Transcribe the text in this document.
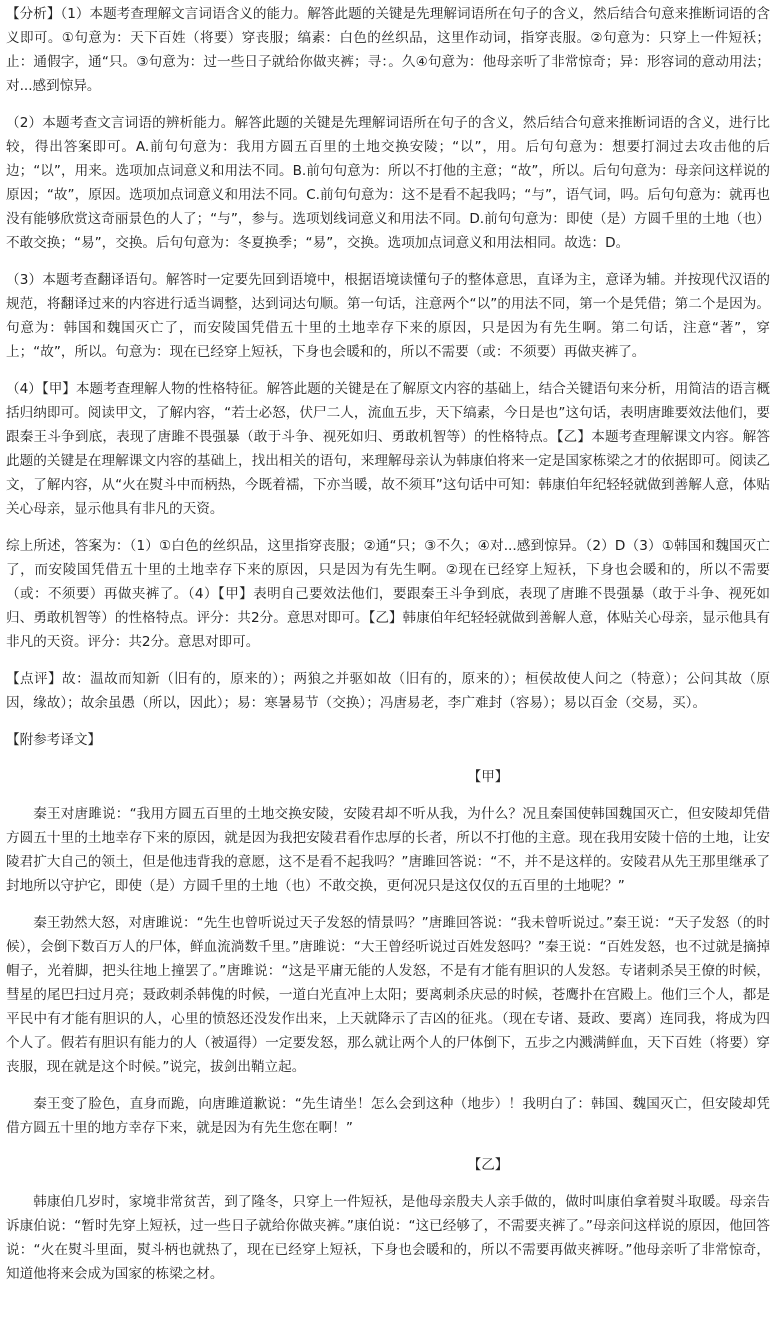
【分析】（1）本题考查理解文言词语含义的能力。解答此题的关键是先理解词语所在句子的含义，然后结合句意来推断词语的含义即可。①句意为：天下百姓（将要）穿丧服；缟素：白色的丝织品，这里作动词，指穿丧服。②句意为：只穿上一件短袄；止：通假字，通“只。③句意为：过一些日子就给你做夹裤；寻：。久④句意为：他母亲听了非常惊奇；异：形容词的意动用法；对...感到惊异。

（2）本题考查文言词语的辨析能力。解答此题的关键是先理解词语所在句子的含义，然后结合句意来推断词语的含义，进行比较，得出答案即可。A.前句句意为：我用方圆五百里的土地交换安陵；“以”，用。后句句意为：想要打洞过去攻击他的后边；“以”，用来。选项加点词意义和用法不同。B.前句句意为：所以不打他的主意；“故”，所以。后句句意为：母亲问这样说的原因；“故”，原因。选项加点词意义和用法不同。C.前句句意为：这不是看不起我吗；“与”，语气词，吗。后句句意为：就再也没有能够欣赏这奇丽景色的人了；“与”，参与。选项划线词意义和用法不同。D.前句句意为：即使（是）方圆千里的土地（也）不敢交换；“易”，交换。后句句意为：冬夏换季；“易”，交换。选项加点词意义和用法相同。故选：D。

（3）本题考查翻译语句。解答时一定要先回到语境中，根据语境读懂句子的整体意思，直译为主，意译为辅。并按现代汉语的规范，将翻译过来的内容进行适当调整，达到词达句顺。第一句话，注意两个“以”的用法不同，第一个是凭借；第二个是因为。句意为：韩国和魏国灭亡了，而安陵国凭借五十里的土地幸存下来的原因，只是因为有先生啊。第二句话，注意“著”，穿上；“故”，所以。句意为：现在已经穿上短袄，下身也会暖和的，所以不需要（或：不须要）再做夹裤了。

（4）【甲】本题考查理解人物的性格特征。解答此题的关键是在了解原文内容的基础上，结合关键语句来分析，用简洁的语言概括归纳即可。阅读甲文，了解内容，“若士必怒，伏尸二人，流血五步，天下缟素，今日是也”这句话，表明唐雎要效法他们，要跟秦王斗争到底，表现了唐雎不畏强暴（敢于斗争、视死如归、勇敢机智等）的性格特点。【乙】本题考查理解课文内容。解答此题的关键是在理解课文内容的基础上，找出相关的语句，来理解母亲认为韩康伯将来一定是国家栋梁之才的依据即可。阅读乙文，了解内容，从“火在熨斗中而柄热，今既着襦，下亦当暖，故不须耳”这句话中可知：韩康伯年纪轻轻就做到善解人意，体贴关心母亲，显示他具有非凡的天资。

综上所述，答案为：（1）①白色的丝织品，这里指穿丧服；②通“只；③不久；④对...感到惊异。（2）D（3）①韩国和魏国灭亡了，而安陵国凭借五十里的土地幸存下来的原因，只是因为有先生啊。②现在已经穿上短袄，下身也会暖和的，所以不需要（或：不须要）再做夹裤了。（4）【甲】表明自己要效法他们，要跟秦王斗争到底，表现了唐雎不畏强暴（敢于斗争、视死如归、勇敢机智等）的性格特点。评分：共2分。意思对即可。【乙】韩康伯年纪轻轻就做到善解人意，体贴关心母亲，显示他具有非凡的天资。评分：共2分。意思对即可。

【点评】故：温故而知新（旧有的，原来的）；两狼之并驱如故（旧有的，原来的）；桓侯故使人问之（特意）；公问其故（原因，缘故）；故余虽愚（所以，因此）；易：寒暑易节（交换）；冯唐易老，李广难封（容易）；易以百金（交易，买）。

【附参考译文】

【甲】

秦王对唐雎说：“我用方圆五百里的土地交换安陵，安陵君却不听从我，为什么？况且秦国使韩国魏国灭亡，但安陵却凭借方圆五十里的土地幸存下来的原因，就是因为我把安陵君看作忠厚的长者，所以不打他的主意。现在我用安陵十倍的土地，让安陵君扩大自己的领土，但是他违背我的意愿，这不是看不起我吗？”唐雎回答说：“不，并不是这样的。安陵君从先王那里继承了封地所以守护它，即使（是）方圆千里的土地（也）不敢交换，更何况只是这仅仅的五百里的土地呢？”

秦王勃然大怒，对唐雎说：“先生也曾听说过天子发怒的情景吗？”唐雎回答说：“我未曾听说过。”秦王说：“天子发怒（的时候），会倒下数百万人的尸体，鲜血流淌数千里。”唐雎说：“大王曾经听说过百姓发怒吗？”秦王说：“百姓发怒，也不过就是摘掉帽子，光着脚，把头往地上撞罢了。”唐雎说：“这是平庸无能的人发怒，不是有才能有胆识的人发怒。专诸刺杀吴王僚的时候，彗星的尾巴扫过月亮；聂政刺杀韩傀的时候，一道白光直冲上太阳；要离刺杀庆忌的时候，苍鹰扑在宫殿上。他们三个人，都是平民中有才能有胆识的人，心里的愤怒还没发作出来，上天就降示了吉凶的征兆。（现在专诸、聂政、要离）连同我，将成为四个人了。假若有胆识有能力的人（被逼得）一定要发怒，那么就让两个人的尸体倒下，五步之内溅满鲜血，天下百姓（将要）穿丧服，现在就是这个时候。”说完，拔剑出鞘立起。

秦王变了脸色，直身而跪，向唐雎道歉说：“先生请坐！怎么会到这种（地步）！我明白了：韩国、魏国灭亡，但安陵却凭借方圆五十里的地方幸存下来，就是因为有先生您在啊！”

【乙】

韩康伯几岁时，家境非常贫苦，到了隆冬，只穿上一件短袄，是他母亲殷夫人亲手做的，做时叫康伯拿着熨斗取暖。母亲告诉康伯说：“暂时先穿上短袄，过一些日子就给你做夹裤。”康伯说：“这已经够了，不需要夹裤了。”母亲问这样说的原因，他回答说：“火在熨斗里面，熨斗柄也就热了，现在已经穿上短袄，下身也会暖和的，所以不需要再做夹裤呀。”他母亲听了非常惊奇，知道他将来会成为国家的栋梁之材。
